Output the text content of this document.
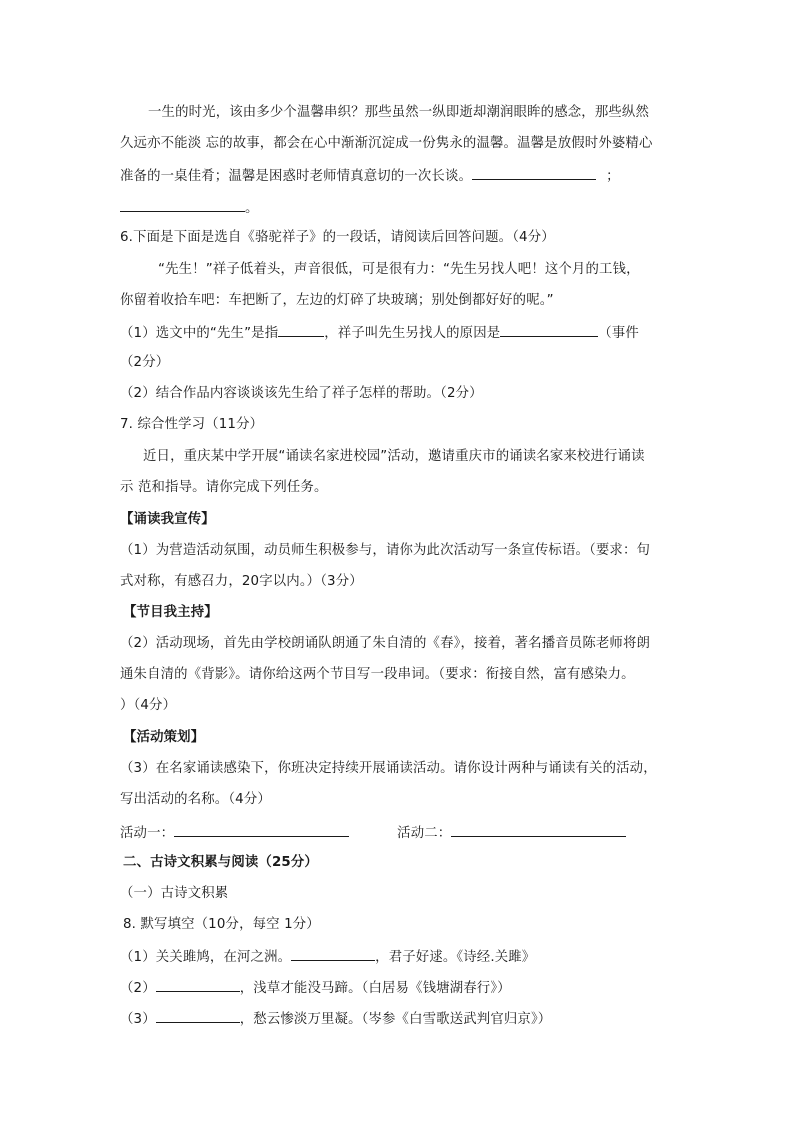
一生的时光，该由多少个温馨串织？那些虽然一纵即逝却潮润眼眸的感念，那些纵然
久远亦不能淡 忘的故事，都会在心中渐渐沉淀成一份隽永的温馨。温馨是放假时外婆精心
准备的一桌佳肴；温馨是困惑时老师情真意切的一次长谈。	；
。
6.下面是下面是选自《骆驼祥子》的一段话，请阅读后回答问题。（4分）
“先生！”祥子低着头，声音很低，可是很有力：“先生另找人吧！这个月的工钱，
你留着收拾车吧：车把断了，左边的灯碎了块玻璃；别处倒都好好的呢。”
（1）选文中的“先生”是指	，祥子叫先生另找人的原因是	（事件
（2分）
（2）结合作品内容谈谈该先生给了祥子怎样的帮助。（2分）
7. 综合性学习（11分）
近日，重庆某中学开展“诵读名家进校园”活动，邀请重庆市的诵读名家来校进行诵读
示 范和指导。请你完成下列任务。
【诵读我宣传】
（1）为营造活动氛围，动员师生积极参与，请你为此次活动写一条宣传标语。（要求：句
式对称，有感召力，20字以内。）（3分）
【节目我主持】
（2）活动现场，首先由学校朗诵队朗通了朱自清的《春》，接着，著名播音员陈老师将朗
通朱自清的《背影》。请你给这两个节目写一段串词。（要求：衔接自然，富有感染力。
）（4分）
【活动策划】
（3）在名家诵读感染下，你班决定持续开展诵读活动。请你设计两种与诵读有关的活动，
写出活动的名称。（4分）
活动一：	活动二：
二、古诗文积累与阅读（25分）
（一）古诗文积累
8. 默写填空（10分，每空 1分）
（1）关关雎鸠，在河之洲。	，君子好逑。《诗经.关雎》
（2）	，浅草才能没马蹄。（白居易《钱塘湖春行》）
（3）	，愁云惨淡万里凝。（岑参《白雪歌送武判官归京》）
